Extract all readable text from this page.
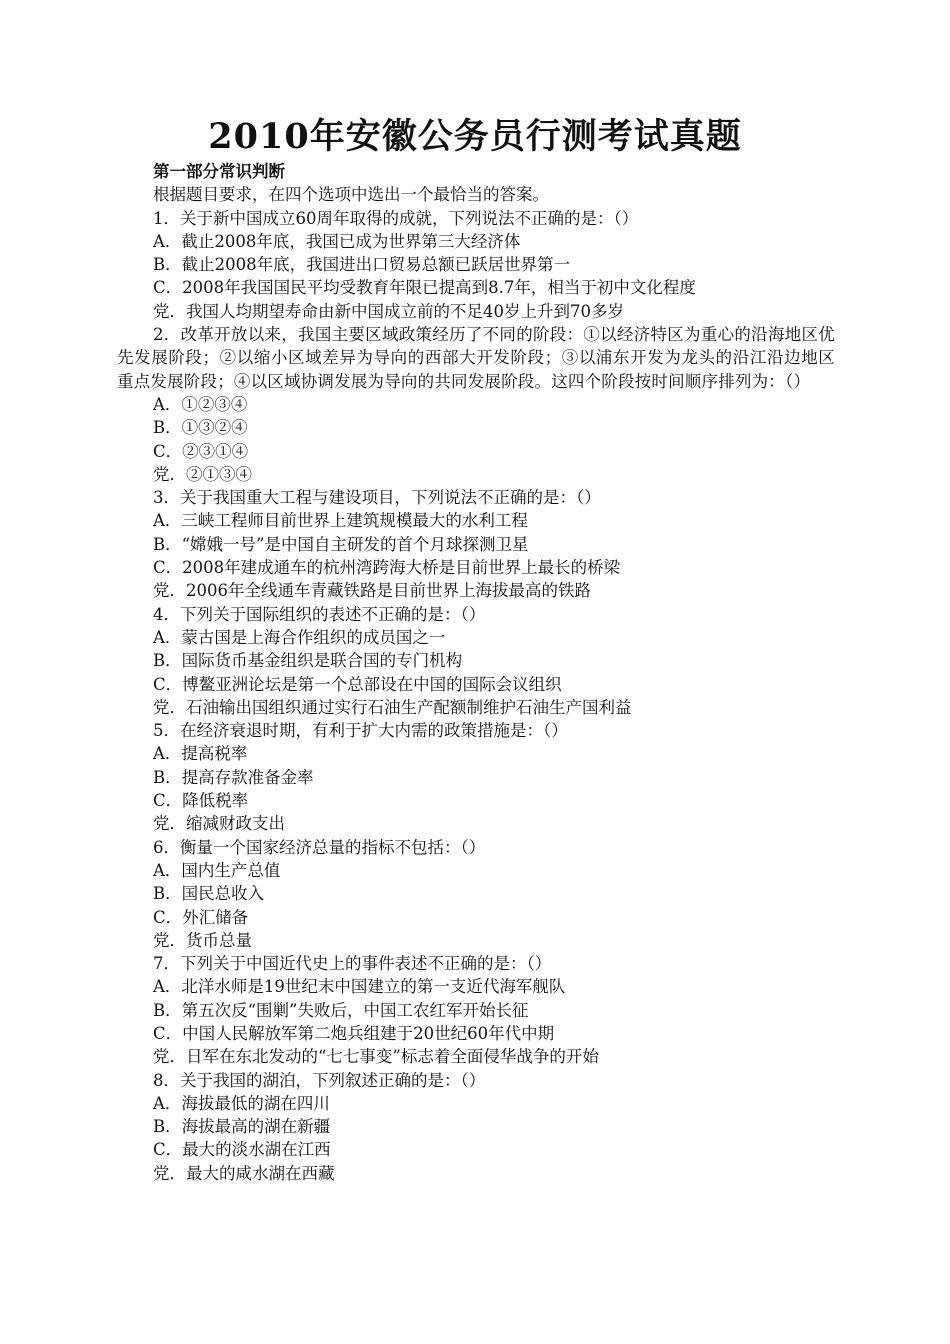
2010年安徽公务员行测考试真题
第一部分常识判断
根据题目要求，在四个选项中选出一个最恰当的答案。
1．关于新中国成立60周年取得的成就，下列说法不正确的是：（）
A．截止2008年底，我国已成为世界第三大经济体
B．截止2008年底，我国进出口贸易总额已跃居世界第一
C．2008年我国国民平均受教育年限已提高到8.7年，相当于初中文化程度
党．我国人均期望寿命由新中国成立前的不足40岁上升到70多岁
2．改革开放以来，我国主要区域政策经历了不同的阶段：①以经济特区为重心的沿海地区优先发展阶段；②以缩小区域差异为导向的西部大开发阶段；③以浦东开发为龙头的沿江沿边地区重点发展阶段；④以区域协调发展为导向的共同发展阶段。这四个阶段按时间顺序排列为：（）
A．①②③④
B．①③②④
C．②③①④
党．②①③④
3．关于我国重大工程与建设项目，下列说法不正确的是：（）
A．三峡工程师目前世界上建筑规模最大的水利工程
B．“嫦娥一号”是中国自主研发的首个月球探测卫星
C．2008年建成通车的杭州湾跨海大桥是目前世界上最长的桥梁
党．2006年全线通车青藏铁路是目前世界上海拔最高的铁路
4．下列关于国际组织的表述不正确的是：（）
A．蒙古国是上海合作组织的成员国之一
B．国际货币基金组织是联合国的专门机构
C．博鳌亚洲论坛是第一个总部设在中国的国际会议组织
党．石油输出国组织通过实行石油生产配额制维护石油生产国利益
5．在经济衰退时期，有利于扩大内需的政策措施是：（）
A．提高税率
B．提高存款准备金率
C．降低税率
党．缩减财政支出
6．衡量一个国家经济总量的指标不包括：（）
A．国内生产总值
B．国民总收入
C．外汇储备
党．货币总量
7．下列关于中国近代史上的事件表述不正确的是：（）
A．北洋水师是19世纪末中国建立的第一支近代海军舰队
B．第五次反“围剿”失败后，中国工农红军开始长征
C．中国人民解放军第二炮兵组建于20世纪60年代中期
党．日军在东北发动的“七七事变”标志着全面侵华战争的开始
8．关于我国的湖泊，下列叙述正确的是：（）
A．海拔最低的湖在四川
B．海拔最高的湖在新疆
C．最大的淡水湖在江西
党．最大的咸水湖在西藏
